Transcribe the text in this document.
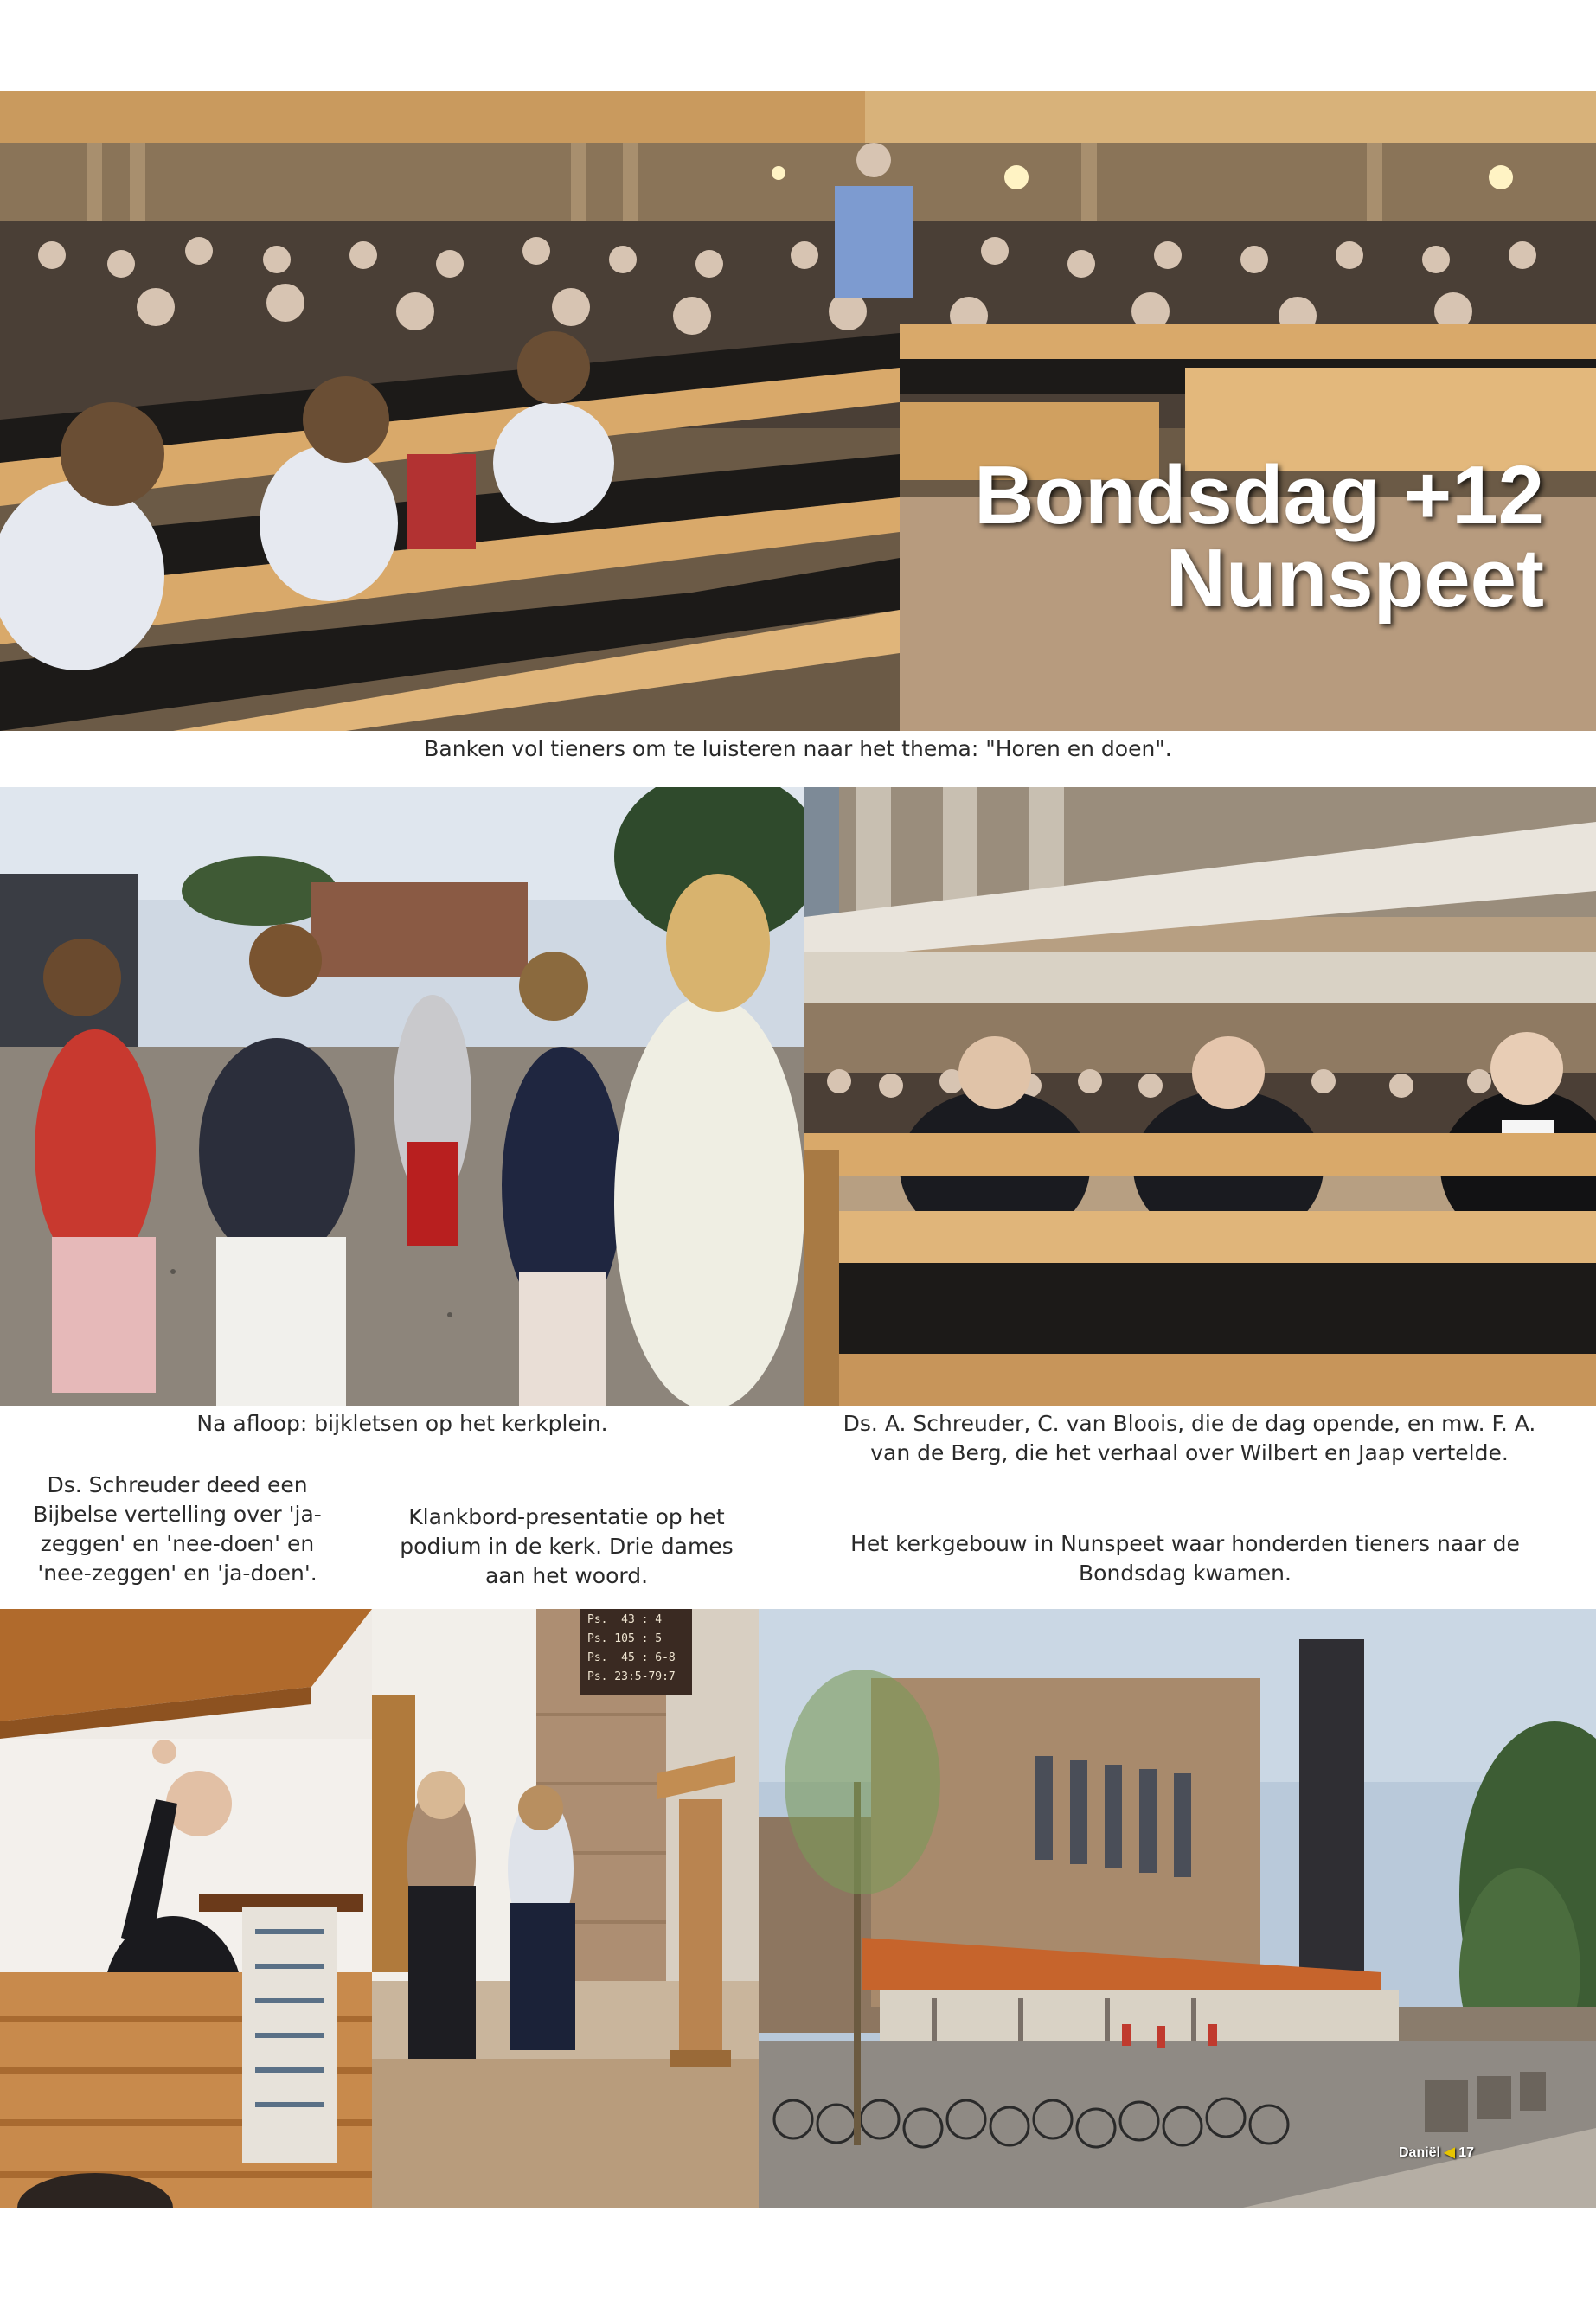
Bondsdag +12
Nunspeet
Banken vol tieners om te luisteren naar het thema: "Horen en doen".
Na afloop: bijkletsen op het kerkplein.	Ds. A. Schreuder, C. van Bloois, die de dag opende, en mw. F. A. van de Berg, die het verhaal over Wilbert en Jaap vertelde.
Ds. Schreuder deed een Bijbelse vertelling over 'ja-zeggen' en 'nee-doen' en 'nee-zeggen' en 'ja-doen'.
Klankbord-presentatie op het podium in de kerk. Drie dames aan het woord.
Het kerkgebouw in Nunspeet waar honderden tieners naar de Bondsdag kwamen.
Ps.  43 : 4
Ps. 105 : 5
Ps.  45 : 6-8
Ps. 23:5-79:7
Daniël ◀ 17
